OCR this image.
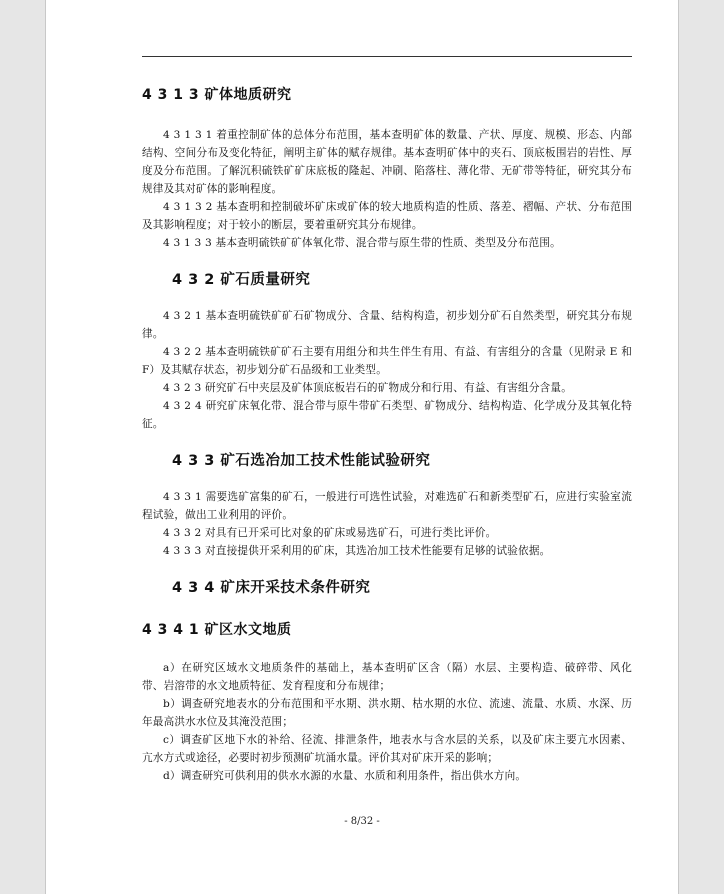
4 3 1 3 矿体地质研究

4 3 1 3 1 着重控制矿体的总体分布范围，基本查明矿体的数量、产状、厚度、规模、形态、内部结构、空间分布及变化特征，阐明主矿体的赋存规律。基本查明矿体中的夹石、顶底板围岩的岩性、厚度及分布范围。了解沉积硫铁矿矿床底板的隆起、冲刷、陷落柱、薄化带、无矿带等特征，研究其分布规律及其对矿体的影响程度。

4 3 1 3 2 基本查明和控制破坏矿床或矿体的较大地质构造的性质、落差、褶幅、产状、分布范围及其影响程度；对于较小的断层，要着重研究其分布规律。

4 3 1 3 3 基本查明硫铁矿矿体氧化带、混合带与原生带的性质、类型及分布范围。

4 3 2 矿石质量研究

4 3 2 1 基本查明硫铁矿矿石矿物成分、含量、结构构造，初步划分矿石自然类型，研究其分布规律。

4 3 2 2 基本查明硫铁矿矿石主要有用组分和共生伴生有用、有益、有害组分的含量（见附录 E 和 F）及其赋存状态，初步划分矿石品级和工业类型。

4 3 2 3 研究矿石中夹层及矿体顶底板岩石的矿物成分和行用、有益、有害组分含量。

4 3 2 4 研究矿床氧化带、混合带与原牛带矿石类型、矿物成分、结构构造、化学成分及其氧化特征。

4 3 3 矿石选冶加工技术性能试验研究

4 3 3 1 需要选矿富集的矿石，一般进行可选性试验，对难选矿石和新类型矿石，应进行实验室流程试验，做出工业利用的评价。

4 3 3 2 对具有已开采可比对象的矿床或易选矿石，可进行类比评价。

4 3 3 3 对直接提供开采利用的矿床，其选冶加工技术性能要有足够的试验依据。

4 3 4 矿床开采技术条件研究
4 3 4 1 矿区水文地质

a）在研究区域水文地质条件的基础上，基本查明矿区含（隔）水层、主要构造、破碎带、风化带、岩溶带的水文地质特征、发育程度和分布规律；

b）调查研究地表水的分布范围和平水期、洪水期、枯水期的水位、流速、流量、水质、水深、历年最高洪水水位及其淹没范围；

c）调查矿区地下水的补给、径流、排泄条件，地表水与含水层的关系，以及矿床主要亢水因素、亢水方式或途径，必要时初步预测矿坑涌水量。评价其对矿床开采的影响；

d）调查研究可供利用的供水水源的水量、水质和利用条件，指出供水方向。

- 8/32 -
